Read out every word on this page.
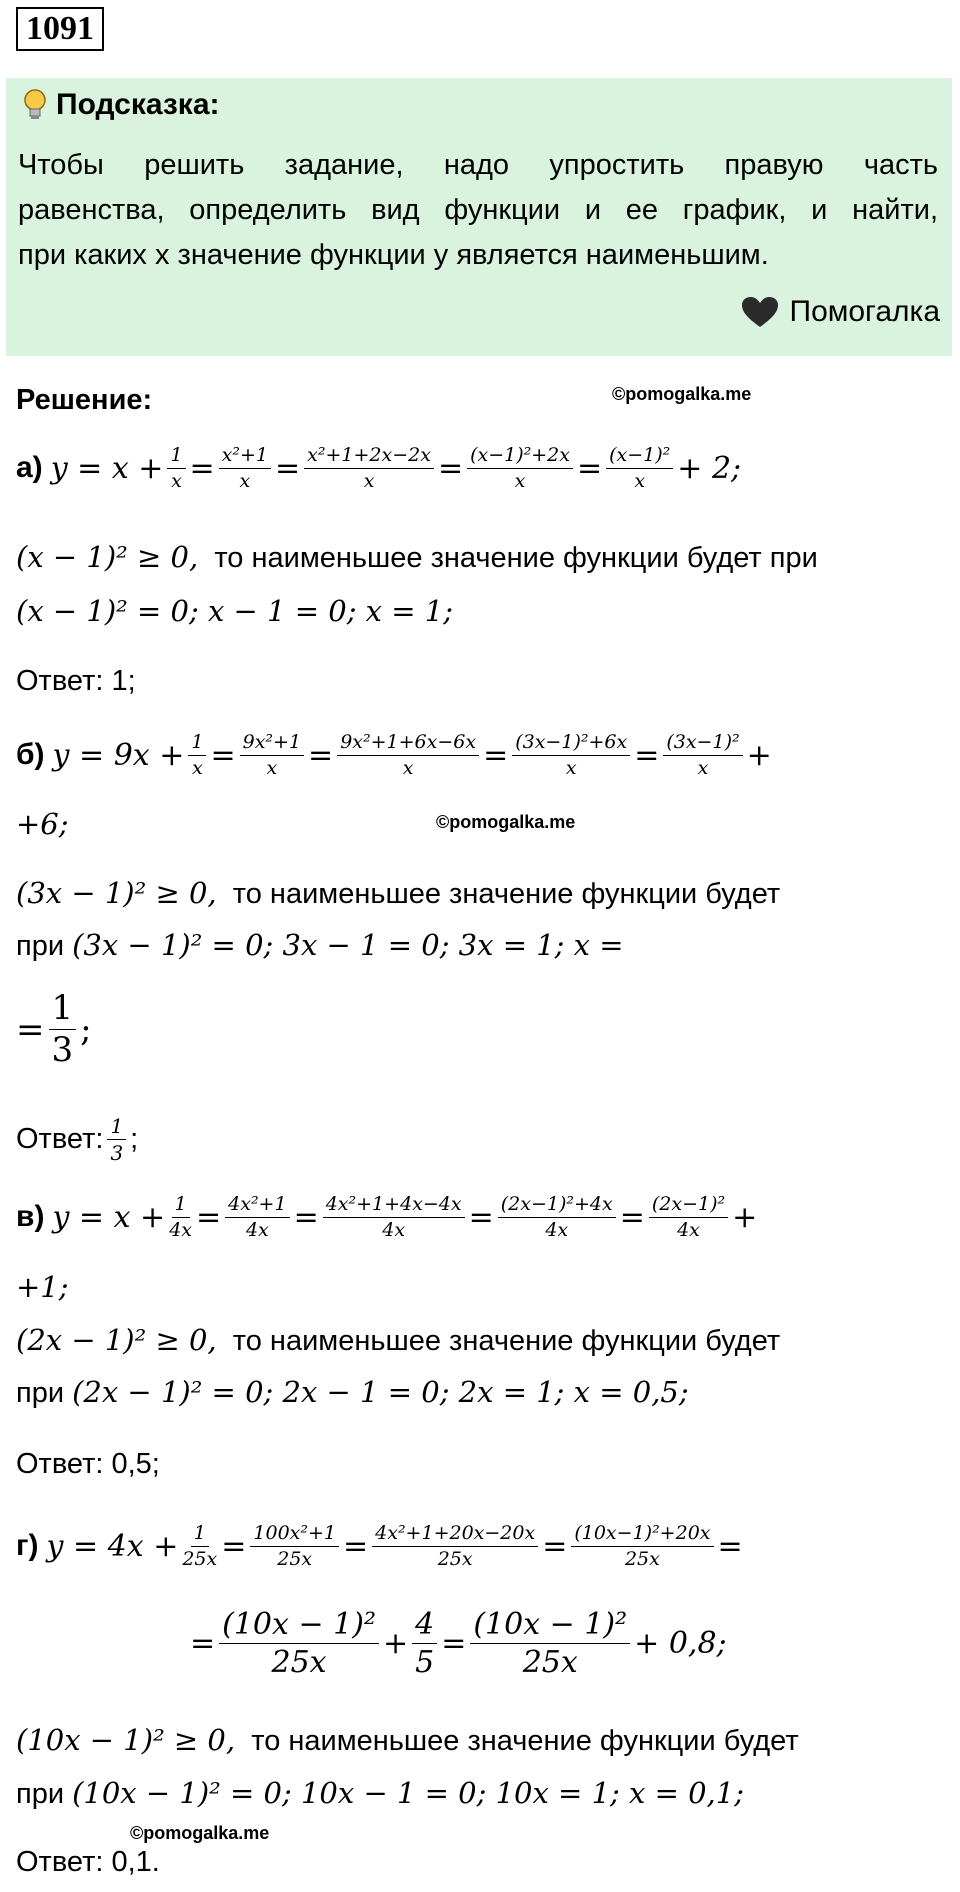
1091
Подсказка:
Чтобы решить задание, надо упростить правую часть
равенства, определить вид функции и ее график, и найти,
при каких x значение функции y является наименьшим.
Помогалка
Решение:	©pomogalka.me
а) $y = x + \frac{1}{x} = \frac{\text{x²+1}}{x} = \frac{\text{x²+1+2x−2x}}{x} = \frac{\text{(x−1)²+2x}}{x} = \frac{\text{(x−1)²}}{x} + 2$;
(x − 1)² ≥ 0, то наименьшее значение функции будет при
(x − 1)² = 0; x − 1 = 0; x = 1;
Ответ: 1;
б) $y = 9x + \frac{1}{x} = \frac{\text{9x²+1}}{x} = \frac{\text{9x²+1+6x−6x}}{x} = \frac{\text{(3x−1)²+6x}}{x} = \frac{\text{(3x−1)²}}{x}$ +
+6;	©pomogalka.me
(3x − 1)² ≥ 0, то наименьшее значение функции будет
при (3x − 1)² = 0; 3x − 1 = 0; 3x = 1; x =
= $\frac{1}{3}$ ;
Ответ: 1
3 ;
в) $y = x + \frac{1}{4x} = \frac{\text{4x²+1}}{4x} = \frac{\text{4x²+1+4x−4x}}{4x} = \frac{\text{(2x−1)²+4x}}{4x} = \frac{\text{(2x−1)²}}{4x}$ +
+1;
(2x − 1)² ≥ 0, то наименьшее значение функции будет
при (2x − 1)² = 0; 2x − 1 = 0; 2x = 1; x = 0,5;
Ответ: 0,5;
г) $y = 4x + \frac{1}{25x} = \frac{\text{100x²+1}}{25x} = \frac{\text{4x²+1+20x−20x}}{25x} = \frac{\text{(10x−1)²+20x}}{25x}$ =
= $\frac{\text{(10x − 1)²}}{25x} + \frac{4}{5} = \frac{\text{(10x − 1)²}}{25x} + 0,8$;
(10x − 1)² ≥ 0, то наименьшее значение функции будет
при (10x − 1)² = 0; 10x − 1 = 0; 10x = 1; x = 0,1;
©pomogalka.me
Ответ: 0,1.
